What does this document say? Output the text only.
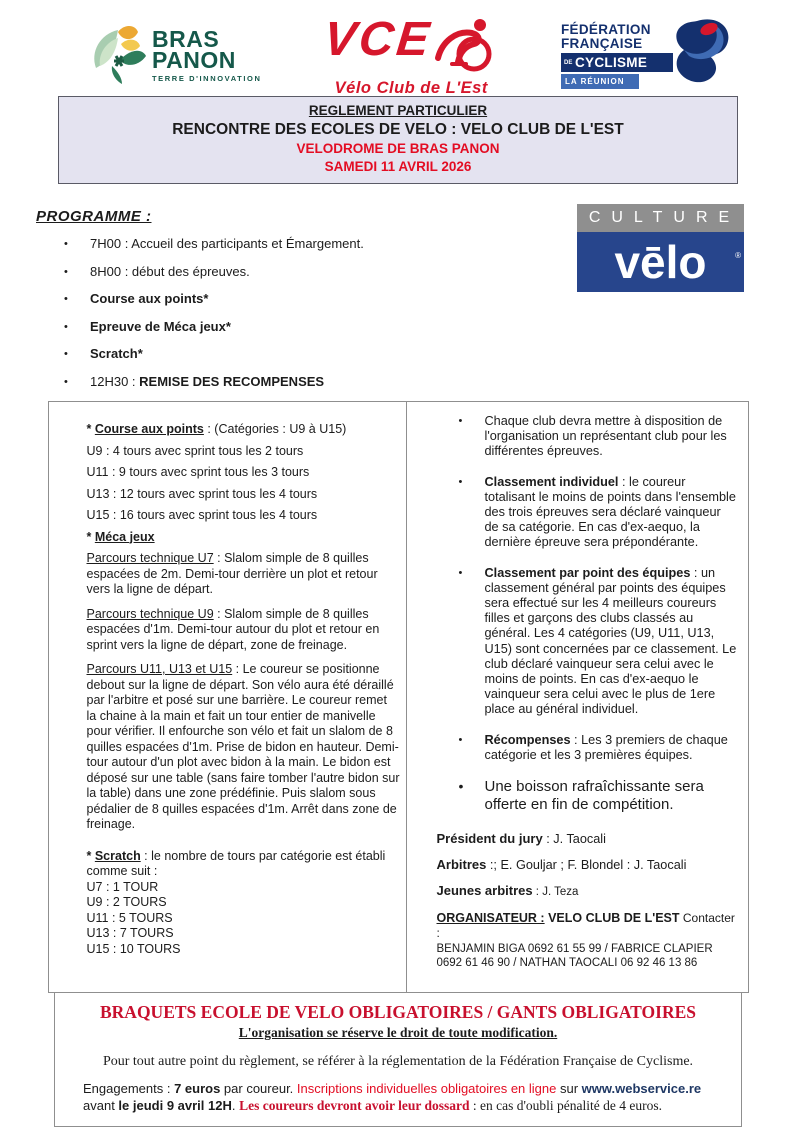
BRAS
PANON
TERRE D'INNOVATION
VCE
Vélo Club de L'Est
FÉDÉRATION
FRANÇAISE
DE CYCLISME
LA RÉUNION
REGLEMENT PARTICULIER
RENCONTRE DES ECOLES DE VELO : VELO CLUB DE L'EST
VELODROME DE BRAS PANON
SAMEDI 11 AVRIL 2026
CULTURE
vēlo	®
PROGRAMME :
•	7H00 : Accueil des participants et Émargement.
•	8H00 : début des épreuves.
•	Course aux points*
•	Epreuve de Méca jeux*
•	Scratch*
•	12H30 : REMISE DES RECOMPENSES

* Course aux points : (Catégories : U9 à U15)

U9 : 4 tours avec sprint tous les 2 tours

U11 : 9 tours avec sprint tous les 3 tours

U13 : 12 tours avec sprint tous les 4 tours

U15 : 16 tours avec sprint tous les 4 tours

* Méca jeux

Parcours technique U7 : Slalom simple de 8 quilles espacées de 2m. Demi-tour derrière un plot et retour vers la ligne de départ.

Parcours technique U9 : Slalom simple de 8 quilles espacées d'1m. Demi-tour autour du plot et retour en sprint vers la ligne de départ, zone de freinage.

Parcours U11, U13 et U15 : Le coureur se positionne debout sur la ligne de départ. Son vélo aura été déraillé par l'arbitre et posé sur une barrière. Le coureur remet la chaine à la main et fait un tour entier de manivelle pour vérifier. Il enfourche son vélo et fait un slalom de 8 quilles espacées d'1m. Prise de bidon en hauteur. Demi-tour autour d'un plot avec bidon à la main. Le bidon est déposé sur une table (sans faire tomber l'autre bidon sur la table) dans une zone prédéfinie. Puis slalom sous pédalier de 8 quilles espacées d'1m. Arrêt dans zone de freinage.

* Scratch : le nombre de tours par catégorie est établi comme suit :
U7 : 1 TOUR
U9 : 2 TOURS
U11 : 5 TOURS
U13 : 7 TOURS
U15 : 10 TOURS
•	Chaque club devra mettre à disposition de l'organisation un représentant club pour les différentes épreuves.
•	Classement individuel : le coureur totalisant le moins de points dans l'ensemble des trois épreuves sera déclaré vainqueur de sa catégorie. En cas d'ex-aequo, la dernière épreuve sera prépondérante.
•	Classement par point des équipes : un classement général par points des équipes sera effectué sur les 4 meilleurs coureurs filles et garçons des clubs classés au général. Les 4 catégories (U9, U11, U13, U15) sont concernées par ce classement. Le club déclaré vainqueur sera celui avec le moins de points. En cas d'ex-aequo le vainqueur sera celui avec le plus de 1ere place au général individuel.
•	Récompenses : Les 3 premiers de chaque catégorie et les 3 premières équipes.
•	Une boisson rafraîchissante sera offerte en fin de compétition.

Président du jury : J. Taocali

Arbitres :; E. Gouljar ; F. Blondel : J. Taocali

Jeunes arbitres : J. Teza

ORGANISATEUR : VELO CLUB DE L'EST Contacter :
BENJAMIN BIGA 0692 61 55 99 / FABRICE CLAPIER 0692 61 46 90 / NATHAN TAOCALI 06 92 46 13 86
BRAQUETS ECOLE DE VELO OBLIGATOIRES / GANTS OBLIGATOIRES
L'organisation se réserve le droit de toute modification.
Pour tout autre point du règlement, se référer à la réglementation de la Fédération Française de Cyclisme.
Engagements : 7 euros par coureur. Inscriptions individuelles obligatoires en ligne sur www.webservice.re avant le jeudi 9 avril 12H. Les coureurs devront avoir leur dossard : en cas d'oubli pénalité de 4 euros.
